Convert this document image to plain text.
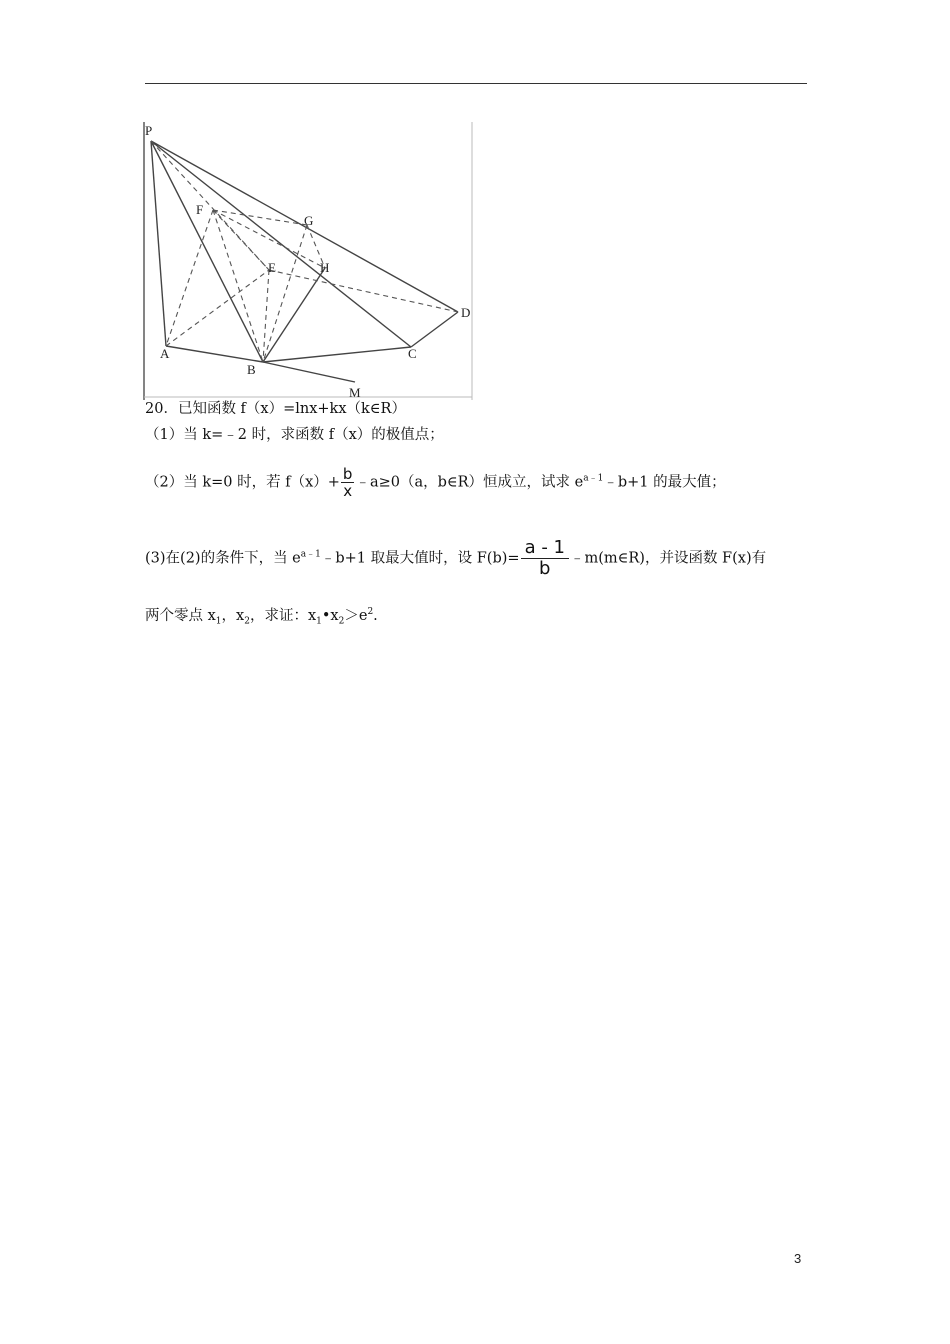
P
F
G
E	H
D
A
B
C
M
20．已知函数 f（x）=lnx+kx（k∈R）
（1）当 k=﹣2 时，求函数 f（x）的极值点；
（2）当 k=0 时，若 $f(x)+ \frac{b}{x}$ ﹣a≥0（a，b∈R）恒成立，试求 $e^{a﹣1}﹣b+1$ 的最大值；
(3)在(2)的条件下，当 $e^{a﹣1}﹣b+1$ 取最大值时，设 $F(b)= \frac{a - 1}{b}$ ﹣m(m∈R)，并设函数 F(x)有
两个零点 $x_1$，$x_2$，求证：$x_1•x_2>e^2$.
3
